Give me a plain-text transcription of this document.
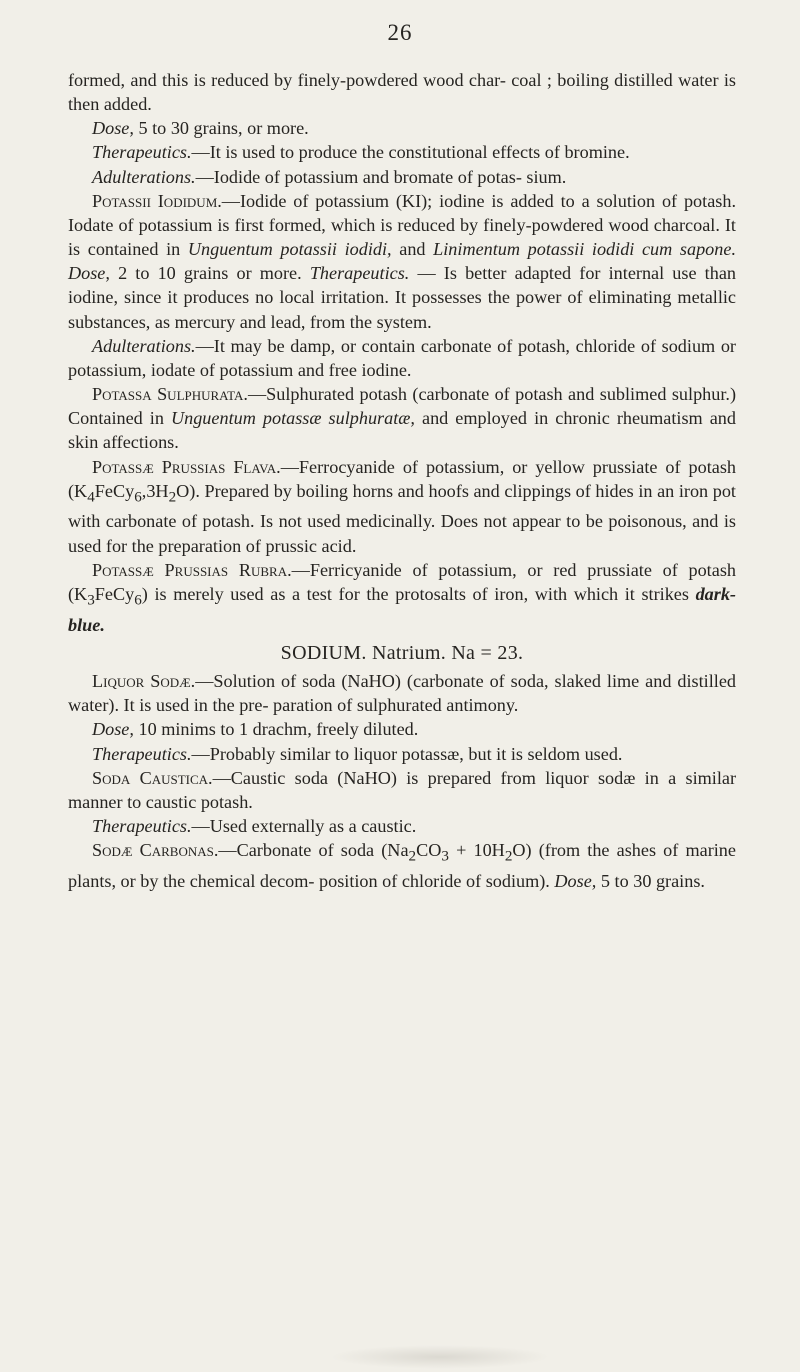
26

formed, and this is reduced by finely-powdered wood char- coal ; boiling distilled water is then added.

Dose, 5 to 30 grains, or more.

Therapeutics.—It is used to produce the constitutional effects of bromine.

Adulterations.—Iodide of potassium and bromate of potas- sium.

Potassii Iodidum.—Iodide of potassium (KI); iodine is added to a solution of potash. Iodate of potassium is first formed, which is reduced by finely-powdered wood charcoal. It is contained in Unguentum potassii iodidi, and Linimentum potassii iodidi cum sapone. Dose, 2 to 10 grains or more. Therapeutics. — Is better adapted for internal use than iodine, since it produces no local irritation. It possesses the power of eliminating metallic substances, as mercury and lead, from the system.

Adulterations.—It may be damp, or contain carbonate of potash, chloride of sodium or potassium, iodate of potassium and free iodine.

Potassa Sulphurata.—Sulphurated potash (carbonate of potash and sublimed sulphur.) Contained in Unguentum potassæ sulphuratæ, and employed in chronic rheumatism and skin affections.

Potassæ Prussias Flava.—Ferrocyanide of potassium, or yellow prussiate of potash $(K_4FeCy_6,3H_2O)$. Prepared by boiling horns and hoofs and clippings of hides in an iron pot with carbonate of potash. Is not used medicinally. Does not appear to be poisonous, and is used for the preparation of prussic acid.

Potassæ Prussias Rubra.—Ferricyanide of potassium, or red prussiate of potash $(K_3FeCy_6)$ is merely used as a test for the protosalts of iron, with which it strikes dark-blue.

SODIUM. Natrium. Na = 23.

Liquor Sodæ.—Solution of soda (NaHO) (carbonate of soda, slaked lime and distilled water). It is used in the pre- paration of sulphurated antimony.

Dose, 10 minims to 1 drachm, freely diluted.

Therapeutics.—Probably similar to liquor potassæ, but it is seldom used.

Soda Caustica.—Caustic soda (NaHO) is prepared from liquor sodæ in a similar manner to caustic potash.

Therapeutics.—Used externally as a caustic.

Sodæ Carbonas.—Carbonate of soda $(Na_2CO_3 + 10H_2O)$ (from the ashes of marine plants, or by the chemical decom- position of chloride of sodium). Dose, 5 to 30 grains.
